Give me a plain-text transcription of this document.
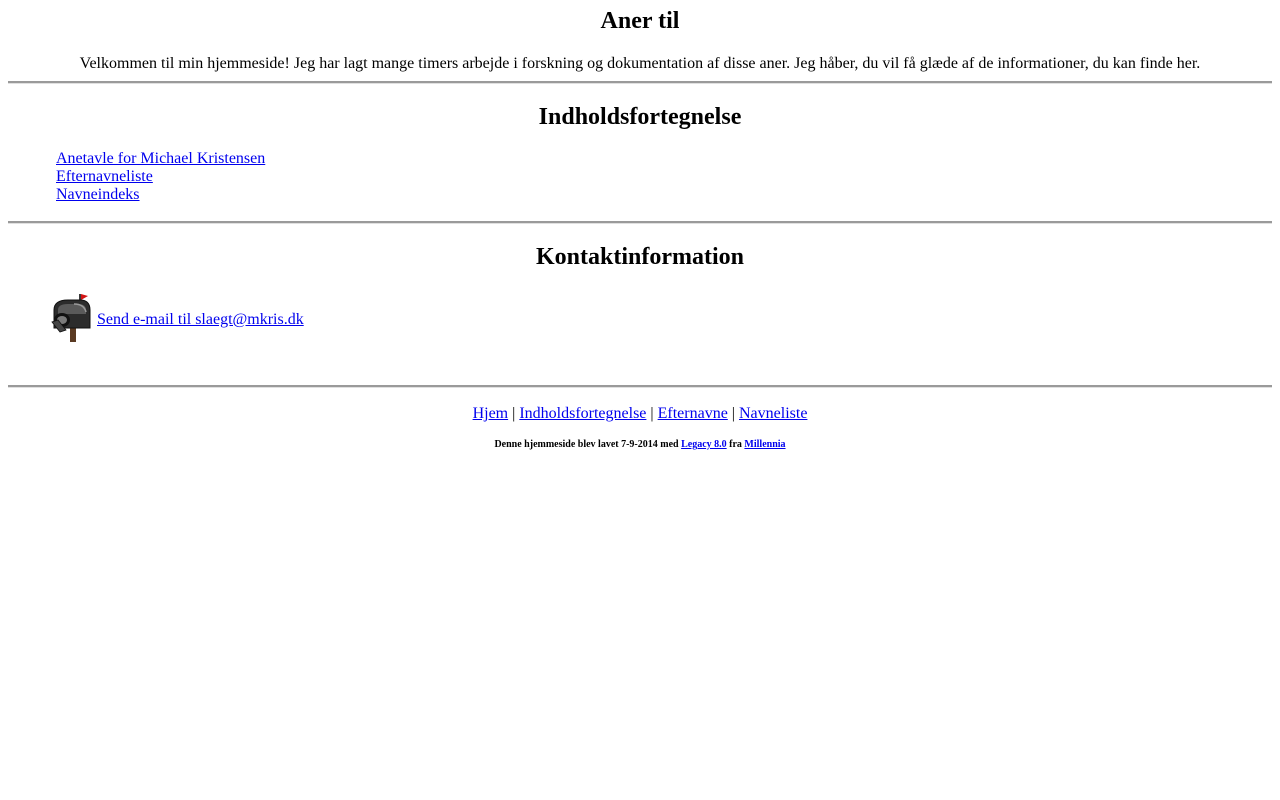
Aner til
Velkommen til min hjemmeside! Jeg har lagt mange timers arbejde i forskning og dokumentation af disse aner. Jeg håber, du vil få glæde af de informationer, du kan finde her.
Indholdsfortegnelse
Anetavle for Michael Kristensen
Efternavneliste
Navneindeks
Kontaktinformation
Send e-mail til slaegt@mkris.dk
Hjem | Indholdsfortegnelse | Efternavne | Navneliste
Denne hjemmeside blev lavet 7-9-2014 med Legacy 8.0 fra Millennia
